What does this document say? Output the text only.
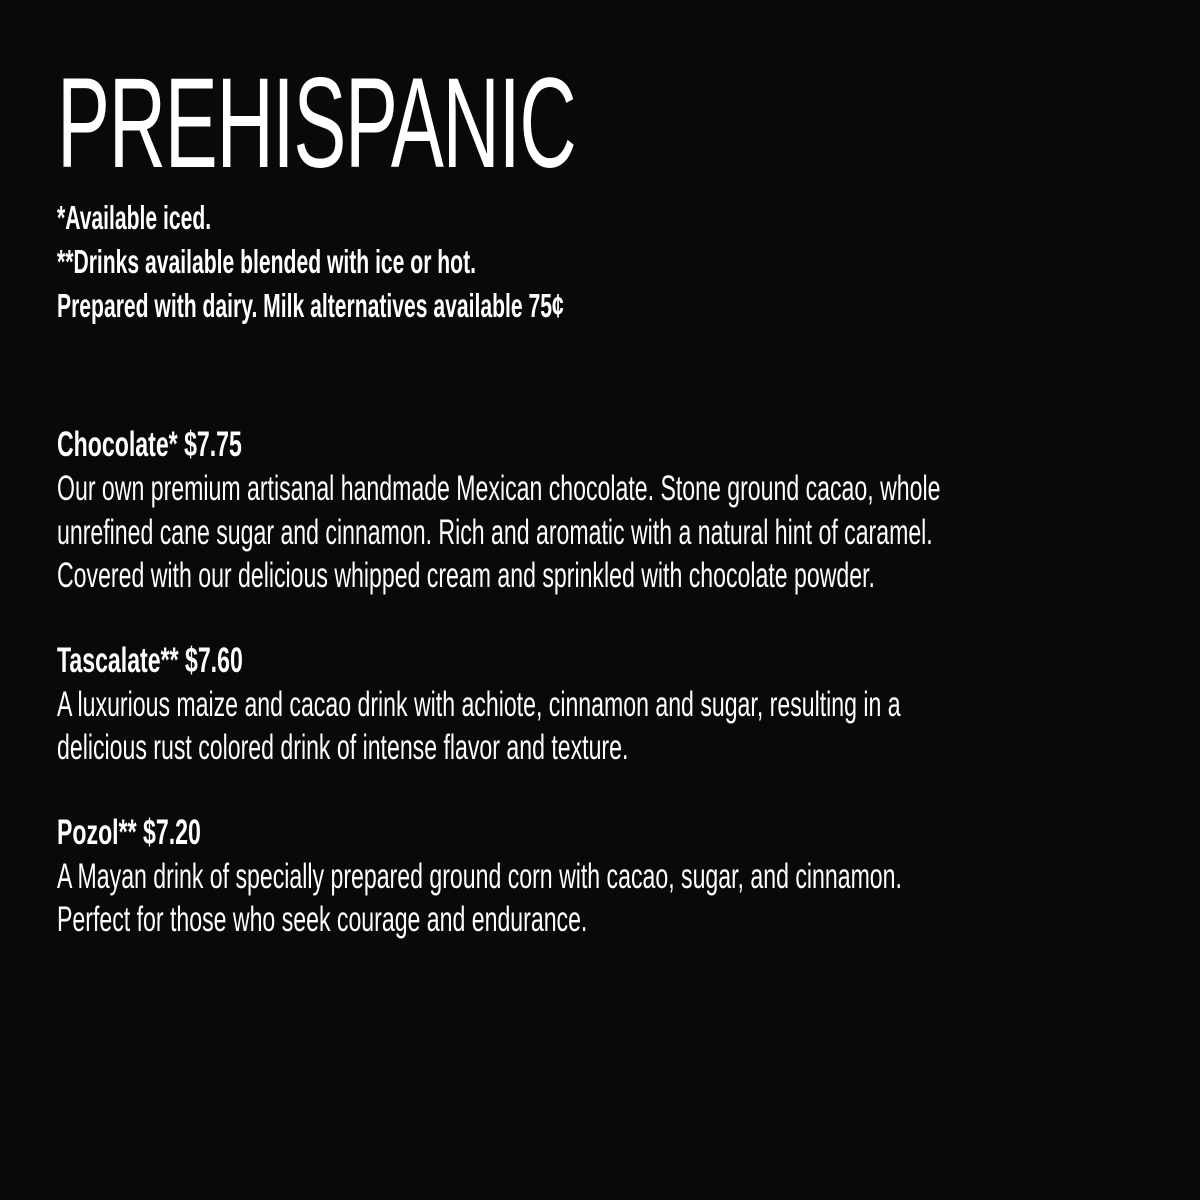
PREHISPANIC
*Available iced.
**Drinks available blended with ice or hot.
Prepared with dairy. Milk alternatives available 75¢
Chocolate* $7.75
Our own premium artisanal handmade Mexican chocolate. Stone ground cacao, whole
unrefined cane sugar and cinnamon. Rich and aromatic with a natural hint of caramel.
Covered with our delicious whipped cream and sprinkled with chocolate powder.
Tascalate** $7.60
A luxurious maize and cacao drink with achiote, cinnamon and sugar, resulting in a
delicious rust colored drink of intense flavor and texture.
Pozol** $7.20
A Mayan drink of specially prepared ground corn with cacao, sugar, and cinnamon.
Perfect for those who seek courage and endurance.
